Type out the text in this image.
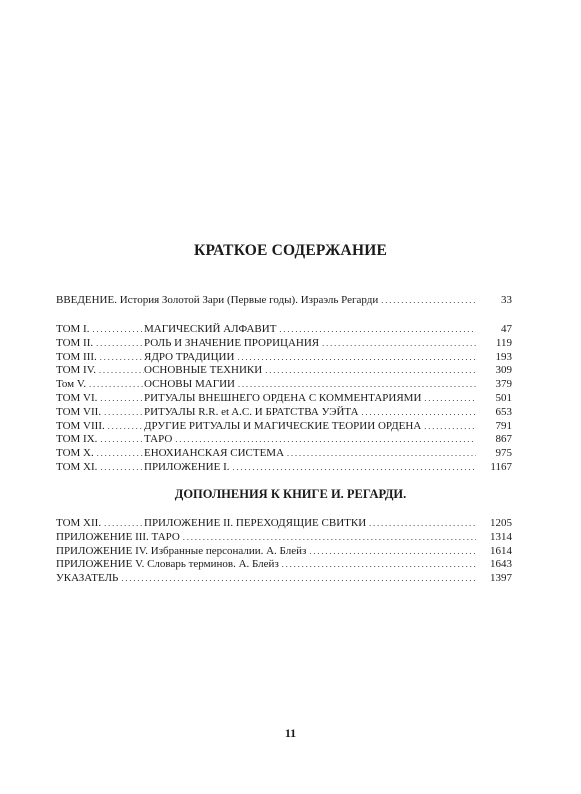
КРАТКОЕ СОДЕРЖАНИЕ
ВВЕДЕНИЕ. История Золотой Зари (Первые годы). Израэль Регарди . . .	33
ТОМ I. . . .	МАГИЧЕСКИЙ АЛФАВИТ . . .	47
ТОМ II. . . .	РОЛЬ И ЗНАЧЕНИЕ ПРОРИЦАНИЯ . . .	119
ТОМ III. . . .	ЯДРО ТРАДИЦИИ . . .	193
ТОМ IV. . . .	ОСНОВНЫЕ ТЕХНИКИ . . .	309
Том V. . . .	ОСНОВЫ МАГИИ . . .	379
ТОМ VI. . . .	РИТУАЛЫ ВНЕШНЕГО ОРДЕНА С КОММЕНТАРИЯМИ . . .	501
ТОМ VII. . . .	РИТУАЛЫ R.R. et A.C. И БРАТСТВА УЭЙТА . . .	653
ТОМ VIII. . . .	ДРУГИЕ РИТУАЛЫ И МАГИЧЕСКИЕ ТЕОРИИ ОРДЕНА . . .	791
ТОМ IX. . . .	ТАРО . . .	867
ТОМ X. . . .	ЕНОХИАНСКАЯ СИСТЕМА . . .	975
ТОМ XI. . . .	ПРИЛОЖЕНИЕ I. . . .	1167
ДОПОЛНЕНИЯ К КНИГЕ И. РЕГАРДИ.
ТОМ XII. . . .	ПРИЛОЖЕНИЕ II. ПЕРЕХОДЯЩИЕ СВИТКИ . . .	1205
ПРИЛОЖЕНИЕ III. ТАРО . . .	1314
ПРИЛОЖЕНИЕ IV. Избранные персоналии. А. Блейз . . .	1614
ПРИЛОЖЕНИЕ V. Словарь терминов. А. Блейз . . .	1643
УКАЗАТЕЛЬ . . .	1397
11
